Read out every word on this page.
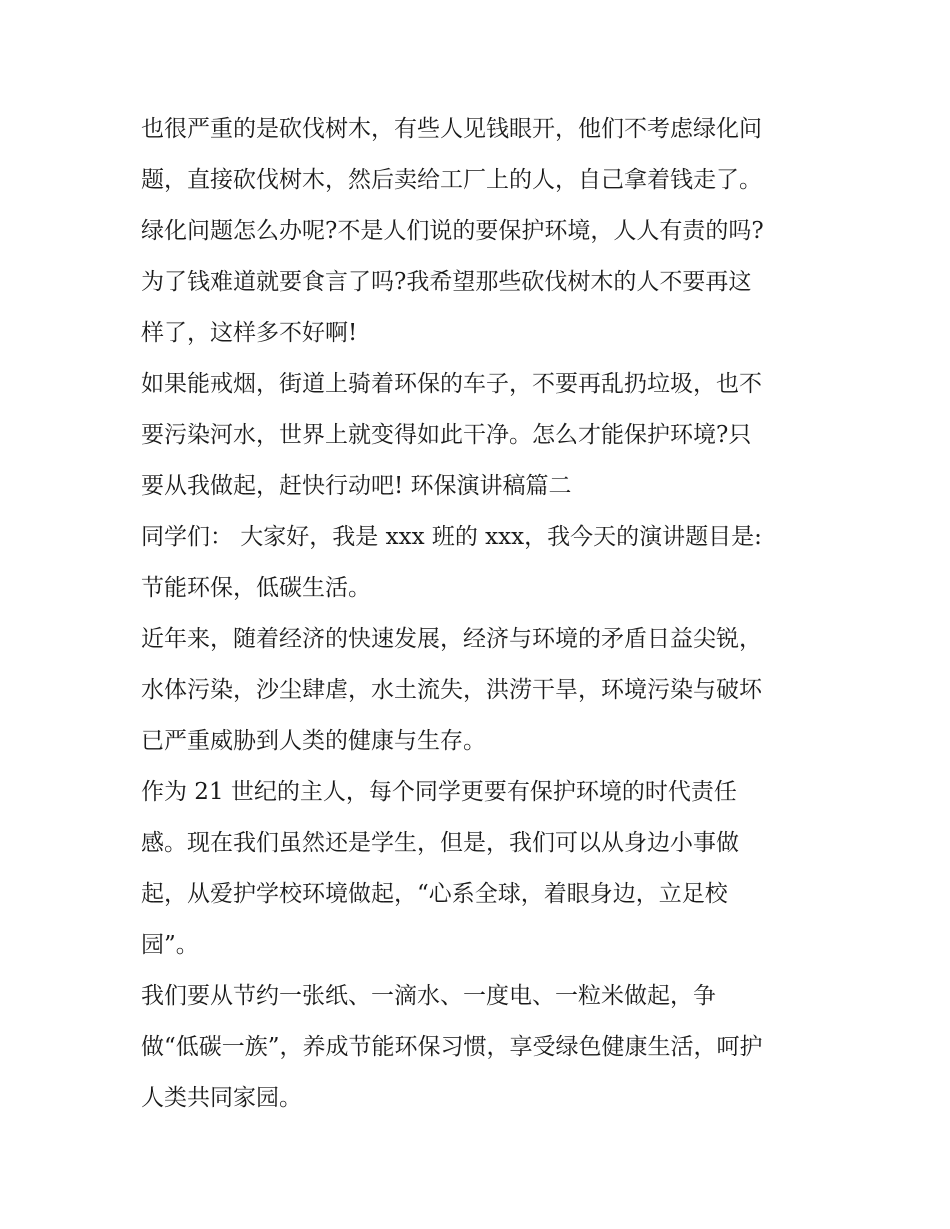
也很严重的是砍伐树木，有些人见钱眼开，他们不考虑绿化问
题，直接砍伐树木，然后卖给工厂上的人，自己拿着钱走了。
绿化问题怎么办呢?不是人们说的要保护环境，人人有责的吗?
为了钱难道就要食言了吗?我希望那些砍伐树木的人不要再这
样了，这样多不好啊!
如果能戒烟，街道上骑着环保的车子，不要再乱扔垃圾，也不
要污染河水，世界上就变得如此干净。怎么才能保护环境?只
要从我做起，赶快行动吧! 环保演讲稿篇二
同学们： 大家好，我是 xxx 班的 xxx，我今天的演讲题目是:
节能环保，低碳生活。
近年来，随着经济的快速发展，经济与环境的矛盾日益尖锐，
水体污染，沙尘肆虐，水土流失，洪涝干旱，环境污染与破坏
已严重威胁到人类的健康与生存。
作为 21 世纪的主人，每个同学更要有保护环境的时代责任
感。现在我们虽然还是学生，但是，我们可以从身边小事做
起，从爱护学校环境做起，“心系全球，着眼身边，立足校
园”。
我们要从节约一张纸、一滴水、一度电、一粒米做起，争
做“低碳一族”，养成节能环保习惯，享受绿色健康生活，呵护
人类共同家园。
